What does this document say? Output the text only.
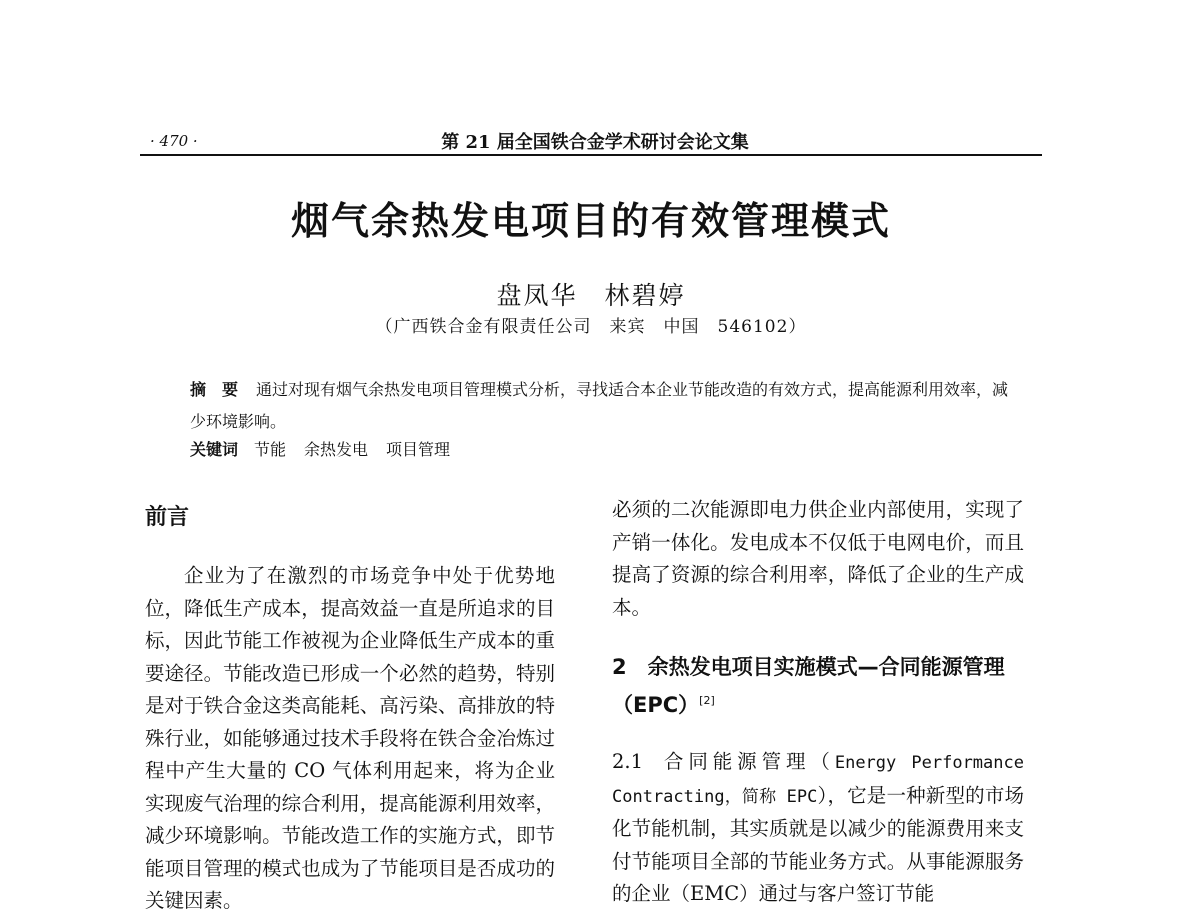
· 470 ·	第 21 届全国铁合金学术研讨会论文集
烟气余热发电项目的有效管理模式
盘凤华　林碧婷
（广西铁合金有限责任公司　来宾　中国　546102）
摘　要 通过对现有烟气余热发电项目管理模式分析，寻找适合本企业节能改造的有效方式，提高能源利用效率，减少环境影响。
关键词 节能 余热发电 项目管理
前言
企业为了在激烈的市场竞争中处于优势地位，降低生产成本，提高效益一直是所追求的目标，因此节能工作被视为企业降低生产成本的重要途径。节能改造已形成一个必然的趋势，特别是对于铁合金这类高能耗、高污染、高排放的特殊行业，如能够通过技术手段将在铁合金冶炼过程中产生大量的 CO 气体利用起来，将为企业实现废气治理的综合利用，提高能源利用效率，减少环境影响。节能改造工作的实施方式，即节能项目管理的模式也成为了节能项目是否成功的关键因素。
必须的二次能源即电力供企业内部使用，实现了产销一体化。发电成本不仅低于电网电价，而且提高了资源的综合利用率，降低了企业的生产成本。
2　余热发电项目实施模式—合同能源管理（EPC）[2]
2.1 合同能源管理（Energy Performance Contracting，简称 EPC），它是一种新型的市场化节能机制，其实质就是以减少的能源费用来支付节能项目全部的节能业务方式。从事能源服务的企业（EMC）通过与客户签订节能
